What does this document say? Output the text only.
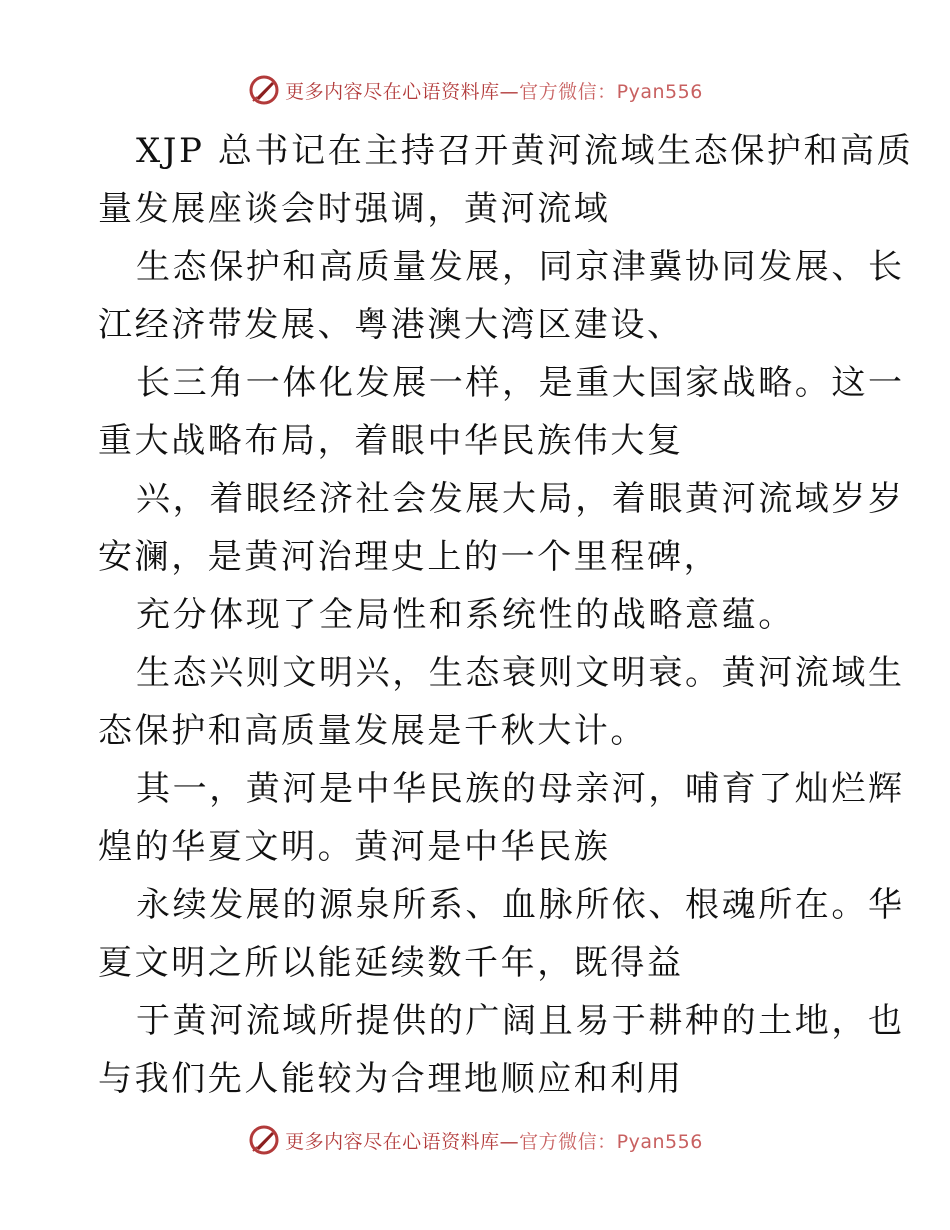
更多内容尽在心语资料库—官方微信：Pyan556

XJP 总书记在主持召开黄河流域生态保护和高质
量发展座谈会时强调，黄河流域

生态保护和高质量发展，同京津冀协同发展、长
江经济带发展、粤港澳大湾区建设、

长三角一体化发展一样，是重大国家战略。这一
重大战略布局，着眼中华民族伟大复

兴，着眼经济社会发展大局，着眼黄河流域岁岁
安澜，是黄河治理史上的一个里程碑，

充分体现了全局性和系统性的战略意蕴。

生态兴则文明兴，生态衰则文明衰。黄河流域生
态保护和高质量发展是千秋大计。

其一，黄河是中华民族的母亲河，哺育了灿烂辉
煌的华夏文明。黄河是中华民族

永续发展的源泉所系、血脉所依、根魂所在。华
夏文明之所以能延续数千年，既得益

于黄河流域所提供的广阔且易于耕种的土地，也
与我们先人能较为合理地顺应和利用

更多内容尽在心语资料库—官方微信：Pyan556
